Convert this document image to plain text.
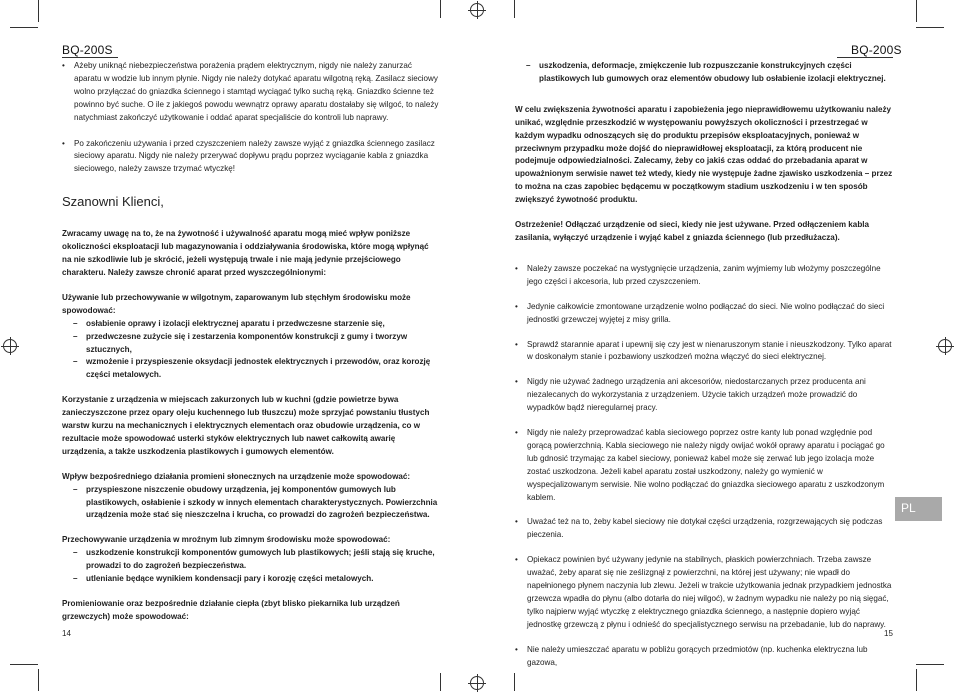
BQ-200S	BQ-200S
• Ażeby uniknąć niebezpieczeństwa porażenia prądem elektrycznym, nigdy nie należy zanurzać aparatu w wodzie lub innym płynie. Nigdy nie należy dotykać aparatu wilgotną ręką. Zasilacz sieciowy wolno przyłączać do gniazdka ściennego i stamtąd wyciągać tylko suchą ręką. Gniazdko ścienne też powinno być suche. O ile z jakiegoś powodu wewnątrz oprawy aparatu dostałaby się wilgoć, to należy natychmiast zakończyć użytkowanie i oddać aparat specjaliście do kontroli lub naprawy.
• Po zakończeniu używania i przed czyszczeniem należy zawsze wyjąć z gniazdka ściennego zasilacz sieciowy aparatu. Nigdy nie należy przerywać dopływu prądu poprzez wyciąganie kabla z gniazdka sieciowego, należy zawsze trzymać wtyczkę!

Szanowni Klienci,

Zwracamy uwagę na to, że na żywotność i używalność aparatu mogą mieć wpływ poniższe okoliczności eksploatacji lub magazynowania i oddziaływania środowiska, które mogą wpłynąć na nie szkodliwie lub je skrócić, jeżeli występują trwale i nie mają jedynie przejściowego charakteru. Należy zawsze chronić aparat przed wyszczególnionymi:

Używanie lub przechowywanie w wilgotnym, zaparowanym lub stęchłym środowisku może spowodować:

– osłabienie oprawy i izolacji elektrycznej aparatu i przedwczesne starzenie się,
– przedwczesne zużycie się i zestarzenia komponentów konstrukcji z gumy i tworzyw sztucznych,
– wzmożenie i przyspieszenie oksydacji jednostek elektrycznych i przewodów, oraz korozję części metalowych.

Korzystanie z urządzenia w miejscach zakurzonych lub w kuchni (gdzie powietrze bywa zanieczyszczone przez opary oleju kuchennego lub tłuszczu) może sprzyjać powstaniu tłustych warstw kurzu na mechanicznych i elektrycznych elementach oraz obudowie urządzenia, co w rezultacie może spowodować usterki styków elektrycznych lub nawet całkowitą awarię urządzenia, a także uszkodzenia plastikowych i gumowych elementów.

Wpływ bezpośredniego działania promieni słonecznych na urządzenie może spowodować:

– przyspieszone niszczenie obudowy urządzenia, jej komponentów gumowych lub plastikowych, osłabienie i szkody w innych elementach charakterystycznych. Powierzchnia urządzenia może stać się nieszczelna i krucha, co prowadzi do zagrożeń bezpieczeństwa.

Przechowywanie urządzenia w mroźnym lub zimnym środowisku może spowodować:

– uszkodzenie konstrukcji komponentów gumowych lub plastikowych; jeśli stają się kruche, prowadzi to do zagrożeń bezpieczeństwa.
– utlenianie będące wynikiem kondensacji pary i korozję części metalowych.

Promieniowanie oraz bezpośrednie działanie ciepła (zbyt blisko piekarnika lub urządzeń grzewczych) może spowodować:

14
– uszkodzenia, deformacje, zmiękczenie lub rozpuszczanie konstrukcyjnych części plastikowych lub gumowych oraz elementów obudowy lub osłabienie izolacji elektrycznej.

W celu zwiększenia żywotności aparatu i zapobieżenia jego nieprawidłowemu użytkowaniu należy unikać, względnie przeszkodzić w występowaniu powyższych okoliczności i przestrzegać w każdym wypadku odnoszących się do produktu przepisów eksploatacyjnych, ponieważ w przeciwnym przypadku może dojść do nieprawidłowej eksploatacji, za którą producent nie podejmuje odpowiedzialności. Zalecamy, żeby co jakiś czas oddać do przebadania aparat w upoważnionym serwisie nawet też wtedy, kiedy nie występuje żadne zjawisko uszkodzenia – przez to można na czas zapobiec będącemu w początkowym stadium uszkodzeniu i w ten sposób zwiększyć żywotność produktu.

Ostrzeżenie! Odłączać urządzenie od sieci, kiedy nie jest używane. Przed odłączeniem kabla zasilania, wyłączyć urządzenie i wyjąć kabel z gniazda ściennego (lub przedłużacza).

• Należy zawsze poczekać na wystygnięcie urządzenia, zanim wyjmiemy lub włożymy poszczególne jego części i akcesoria, lub przed czyszczeniem.
• Jedynie całkowicie zmontowane urządzenie wolno podłączać do sieci. Nie wolno podłączać do sieci jednostki grzewczej wyjętej z misy grilla.
• Sprawdź starannie aparat i upewnij się czy jest w nienaruszonym stanie i nieuszkodzony. Tylko aparat w doskonałym stanie i pozbawiony uszkodzeń można włączyć do sieci elektrycznej.
• Nigdy nie używać żadnego urządzenia ani akcesoriów, niedostarczanych przez producenta ani niezalecanych do wykorzystania z urządzeniem. Użycie takich urządzeń może prowadzić do wypadków bądź nieregularnej pracy.
• Nigdy nie należy przeprowadzać kabla sieciowego poprzez ostre kanty lub ponad względnie pod gorącą powierzchnią. Kabla sieciowego nie należy nigdy owijać wokół oprawy aparatu i pociągać go lub gdnosić trzymając za kabel sieciowy, ponieważ kabel może się zerwać lub jego izolacja może zostać uszkodzona. Jeżeli kabel aparatu został uszkodzony, należy go wymienić w wyspecjalizowanym serwisie. Nie wolno podłączać do gniazdka sieciowego aparatu z uszkodzonym kablem.
• Uważać też na to, żeby kabel sieciowy nie dotykał części urządzenia, rozgrzewających się podczas pieczenia.
• Opiekacz powinien być używany jedynie na stabilnych, płaskich powierzchniach. Trzeba zawsze uważać, żeby aparat się nie ześlizgnął z powierzchni, na której jest używany; nie wpadł do napełnionego płynem naczynia lub zlewu. Jeżeli w trakcie użytkowania jednak przypadkiem jednostka grzewcza wpadła do płynu (albo dotarła do niej wilgoć), w żadnym wypadku nie należy po nią sięgać, tylko najpierw wyjąć wtyczkę z elektrycznego gniazdka ściennego, a następnie dopiero wyjąć jednostkę grzewczą z płynu i odnieść do specjalistycznego serwisu na przebadanie, lub do naprawy.
• Nie należy umieszczać aparatu w pobliżu gorących przedmiotów (np. kuchenka elektryczna lub gazowa,
15
PL
